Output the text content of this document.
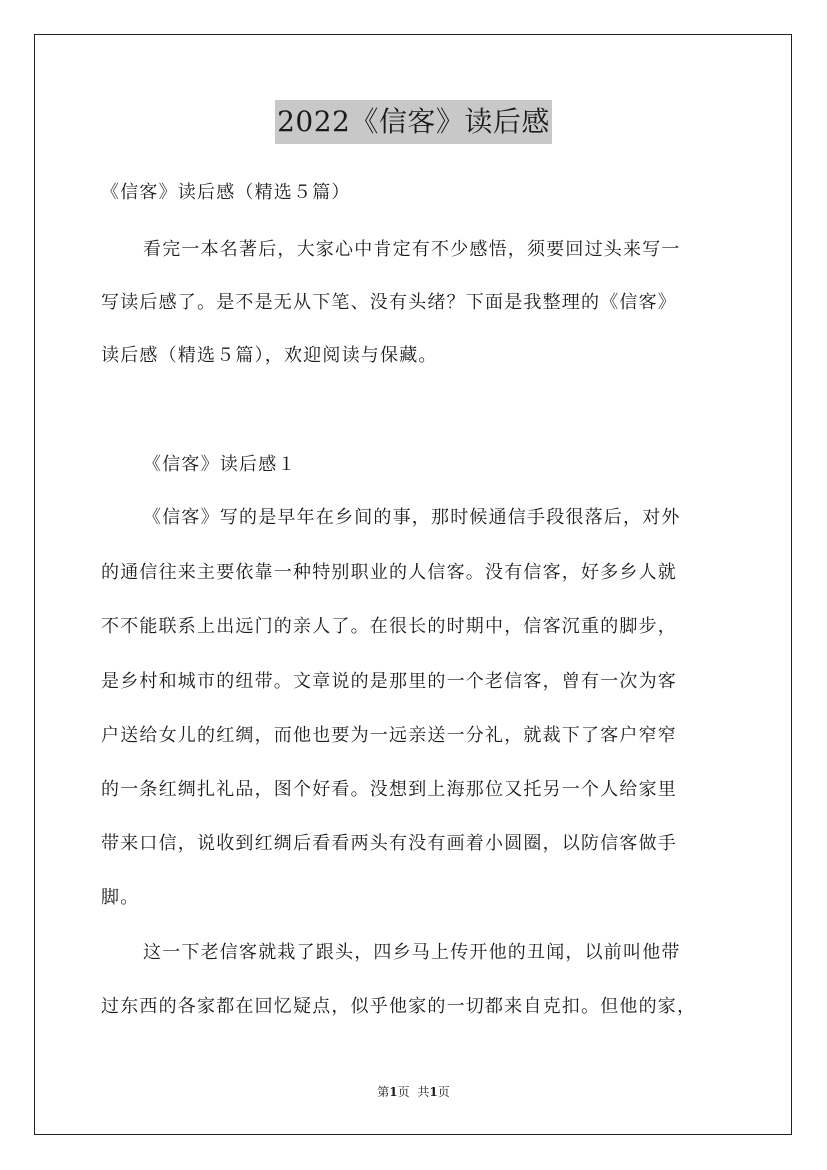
2022《信客》读后感
《信客》读后感（精选５篇）
看完一本名著后，大家心中肯定有不少感悟，须要回过头来写一
写读后感了。是不是无从下笔、没有头绪？下面是我整理的《信客》
读后感（精选５篇），欢迎阅读与保藏。
《信客》读后感１
《信客》写的是早年在乡间的事，那时候通信手段很落后，对外
的通信往来主要依靠一种特别职业的人信客。没有信客，好多乡人就
不不能联系上出远门的亲人了。在很长的时期中，信客沉重的脚步，
是乡村和城市的纽带。文章说的是那里的一个老信客，曾有一次为客
户送给女儿的红绸，而他也要为一远亲送一分礼，就裁下了客户窄窄
的一条红绸扎礼品，图个好看。没想到上海那位又托另一个人给家里
带来口信，说收到红绸后看看两头有没有画着小圆圈，以防信客做手
脚。
这一下老信客就栽了跟头，四乡马上传开他的丑闻，以前叫他带
过东西的各家都在回忆疑点，似乎他家的一切都来自克扣。但他的家，
第1页 共1页
